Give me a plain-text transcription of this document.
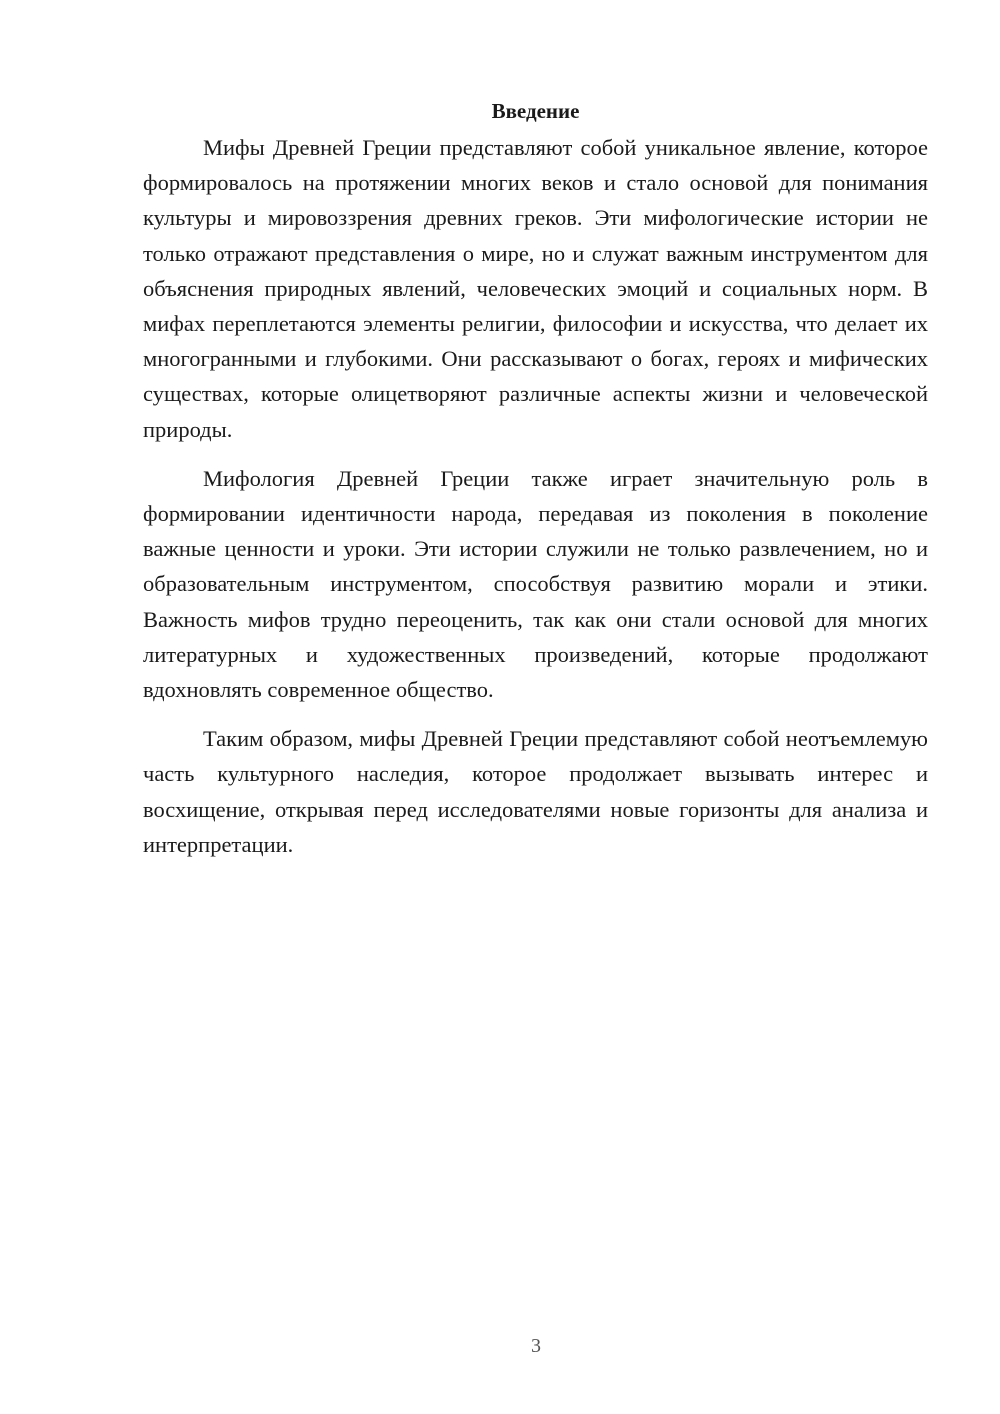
Введение

Мифы Древней Греции представляют собой уникальное явление, которое формировалось на протяжении многих веков и стало основой для понимания культуры и мировоззрения древних греков. Эти мифологические истории не только отражают представления о мире, но и служат важным инструментом для объяснения природных явлений, человеческих эмоций и социальных норм. В мифах переплетаются элементы религии, философии и искусства, что делает их многогранными и глубокими. Они рассказывают о богах, героях и мифических существах, которые олицетворяют различные аспекты жизни и человеческой природы.

Мифология Древней Греции также играет значительную роль в формировании идентичности народа, передавая из поколения в поколение важные ценности и уроки. Эти истории служили не только развлечением, но и образовательным инструментом, способствуя развитию морали и этики. Важность мифов трудно переоценить, так как они стали основой для многих литературных и художественных произведений, которые продолжают вдохновлять современное общество.

Таким образом, мифы Древней Греции представляют собой неотъемлемую часть культурного наследия, которое продолжает вызывать интерес и восхищение, открывая перед исследователями новые горизонты для анализа и интерпретации.

3
